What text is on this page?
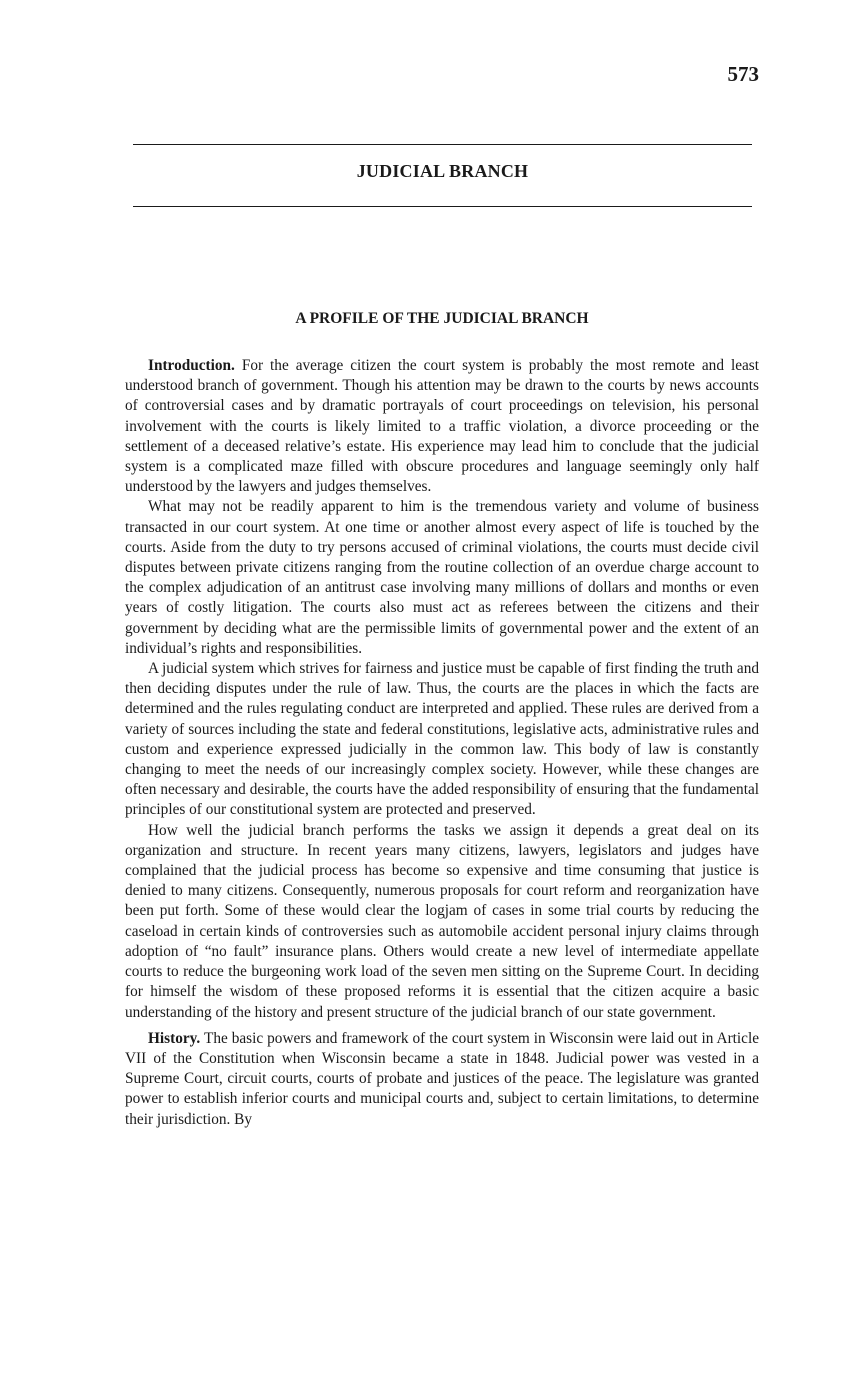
573
JUDICIAL BRANCH
A PROFILE OF THE JUDICIAL BRANCH

Introduction. For the average citizen the court system is probably the most remote and least understood branch of government. Though his attention may be drawn to the courts by news accounts of controversial cases and by dramatic portrayals of court proceedings on television, his personal involvement with the courts is likely limited to a traffic violation, a divorce proceeding or the settlement of a deceased relative’s estate. His experience may lead him to conclude that the judicial system is a complicated maze filled with obscure procedures and language seemingly only half understood by the lawyers and judges themselves.

What may not be readily apparent to him is the tremendous variety and volume of business transacted in our court system. At one time or another almost every aspect of life is touched by the courts. Aside from the duty to try persons accused of criminal violations, the courts must decide civil disputes between private citizens ranging from the routine collection of an overdue charge account to the complex adjudication of an antitrust case involving many millions of dollars and months or even years of costly litigation. The courts also must act as referees between the citizens and their government by deciding what are the permissible limits of governmental power and the extent of an individual’s rights and responsibilities.

A judicial system which strives for fairness and justice must be capable of first finding the truth and then deciding disputes under the rule of law. Thus, the courts are the places in which the facts are determined and the rules regulating conduct are interpreted and applied. These rules are derived from a variety of sources including the state and federal constitutions, legislative acts, administrative rules and custom and experience expressed judicially in the common law. This body of law is constantly changing to meet the needs of our increasingly complex society. However, while these changes are often necessary and desirable, the courts have the added responsibility of ensuring that the fundamental principles of our constitutional system are protected and preserved.

How well the judicial branch performs the tasks we assign it depends a great deal on its organization and structure. In recent years many citizens, lawyers, legislators and judges have complained that the judicial process has become so expensive and time consuming that justice is denied to many citizens. Consequently, numerous proposals for court reform and reorganization have been put forth. Some of these would clear the logjam of cases in some trial courts by reducing the caseload in certain kinds of controversies such as automobile accident personal injury claims through adoption of “no fault” insurance plans. Others would create a new level of intermediate appellate courts to reduce the burgeoning work load of the seven men sitting on the Supreme Court. In deciding for himself the wisdom of these proposed reforms it is essential that the citizen acquire a basic understanding of the history and present structure of the judicial branch of our state government.

History. The basic powers and framework of the court system in Wisconsin were laid out in Article VII of the Constitution when Wisconsin became a state in 1848. Judicial power was vested in a Supreme Court, circuit courts, courts of probate and justices of the peace. The legislature was granted power to establish inferior courts and municipal courts and, subject to certain limitations, to determine their jurisdiction. By
